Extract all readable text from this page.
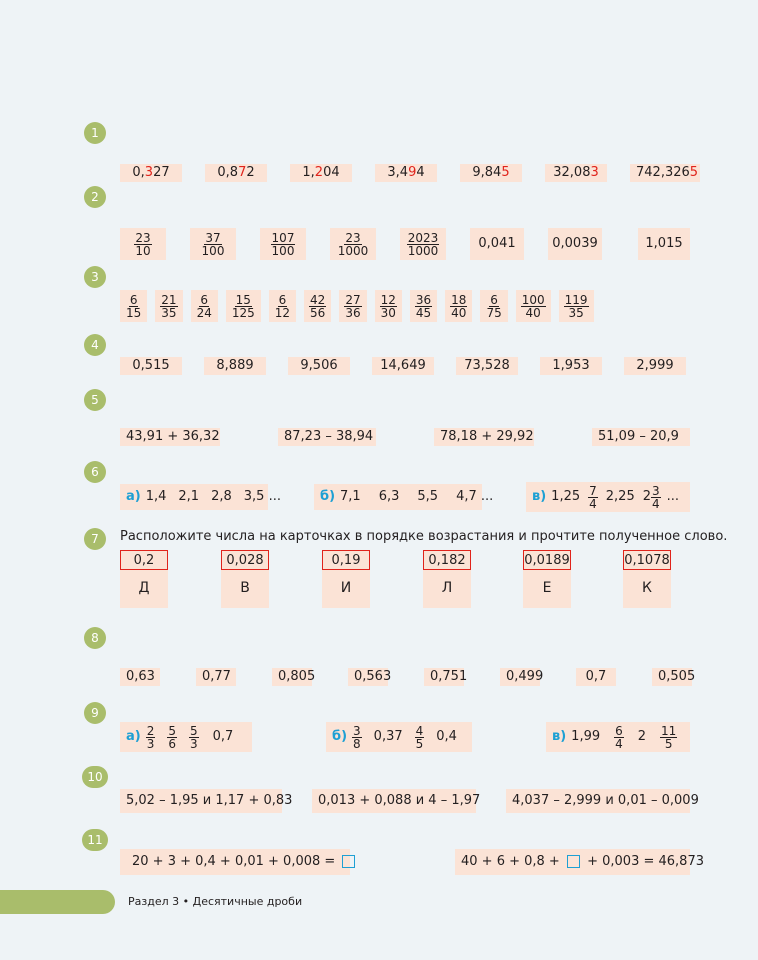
1
2
3
4
5
6
7
8
9
10
11
0,327	0,872	1,204	3,494	9,845	32,083	742,3265
$\frac{23}{10}$	$\frac{37}{100}$	$\frac{107}{100}$	$\frac{23}{1000}$	$\frac{2023}{1000}$	0,041	0,0039	1,015
$\frac{6}{15} \frac{21}{35} \frac{6}{24} \frac{15}{125} \frac{6}{12} \frac{42}{56} \frac{27}{36} \frac{12}{30} \frac{36}{45} \frac{18}{40} \frac{6}{75} \frac{100}{40} \frac{119}{35}$
0,515	8,889	9,506	14,649	73,528	1,953	2,999
43,91 + 36,32	87,23 – 38,94	78,18 + 29,92	51,09 – 20,9
а) 1,4 2,1 2,8 3,5 ...	б) 7,1 6,3 5,5 4,7 ...	в) $1,25 \frac{7}{4} 2,25$ $2 \frac{3}{4}$ ...
Расположите числа на карточках в порядке возрастания и прочтите полученное слово.
0,2
Д
0,028
В
0,19
И
0,182
Л
0,0189
Е
0,1078
К
0,63	0,77	0,805	0,563	0,751	0,499	0,7	0,505
$а) \frac{2}{3} \frac{5}{6} \frac{5}{3} 0,7$	$б) \frac{3}{8} 0,37 \frac{4}{5} 0,4$	в) $1,99 \frac{6}{4} 2 \frac{11}{5}$
5,02 – 1,95 и 1,17 + 0,83	0,013 + 0,088 и 4 – 1,97	4,037 – 2,999 и 0,01 – 0,009
20 + 3 + 0,4 + 0,01 + 0,008 =	40 + 6 + 0,8 + + 0,003 = 46,873
Раздел 3 • Десятичные дроби
